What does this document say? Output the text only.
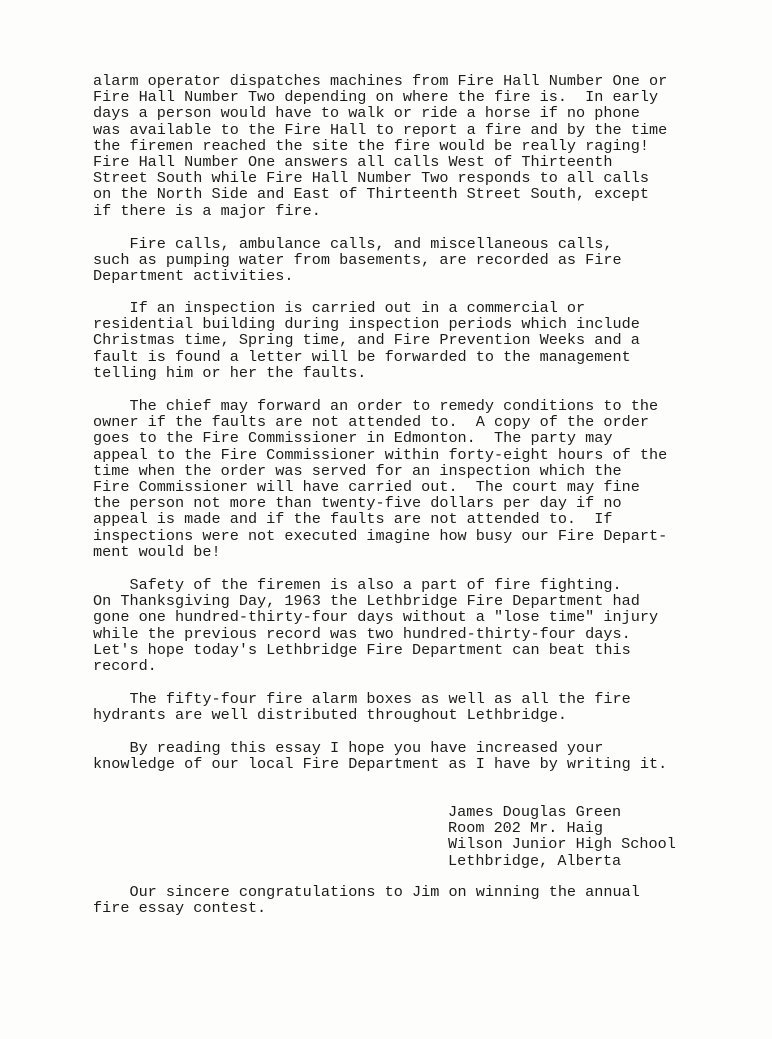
alarm operator dispatches machines from Fire Hall Number One or
Fire Hall Number Two depending on where the fire is.  In early
days a person would have to walk or ride a horse if no phone
was available to the Fire Hall to report a fire and by the time
the firemen reached the site the fire would be really raging!
Fire Hall Number One answers all calls West of Thirteenth
Street South while Fire Hall Number Two responds to all calls
on the North Side and East of Thirteenth Street South, except
if there is a major fire.
Fire calls, ambulance calls, and miscellaneous calls,
such as pumping water from basements, are recorded as Fire
Department activities.
If an inspection is carried out in a commercial or
residential building during inspection periods which include
Christmas time, Spring time, and Fire Prevention Weeks and a
fault is found a letter will be forwarded to the management
telling him or her the faults.
The chief may forward an order to remedy conditions to the
owner if the faults are not attended to.  A copy of the order
goes to the Fire Commissioner in Edmonton.  The party may
appeal to the Fire Commissioner within forty-eight hours of the
time when the order was served for an inspection which the
Fire Commissioner will have carried out.  The court may fine
the person not more than twenty-five dollars per day if no
appeal is made and if the faults are not attended to.  If
inspections were not executed imagine how busy our Fire Depart-
ment would be!
Safety of the firemen is also a part of fire fighting.
On Thanksgiving Day, 1963 the Lethbridge Fire Department had
gone one hundred-thirty-four days without a "lose time" injury
while the previous record was two hundred-thirty-four days.
Let's hope today's Lethbridge Fire Department can beat this
record.
The fifty-four fire alarm boxes as well as all the fire
hydrants are well distributed throughout Lethbridge.
By reading this essay I hope you have increased your
knowledge of our local Fire Department as I have by writing it.
James Douglas Green
Room 202 Mr. Haig
Wilson Junior High School
Lethbridge, Alberta
Our sincere congratulations to Jim on winning the annual
fire essay contest.
